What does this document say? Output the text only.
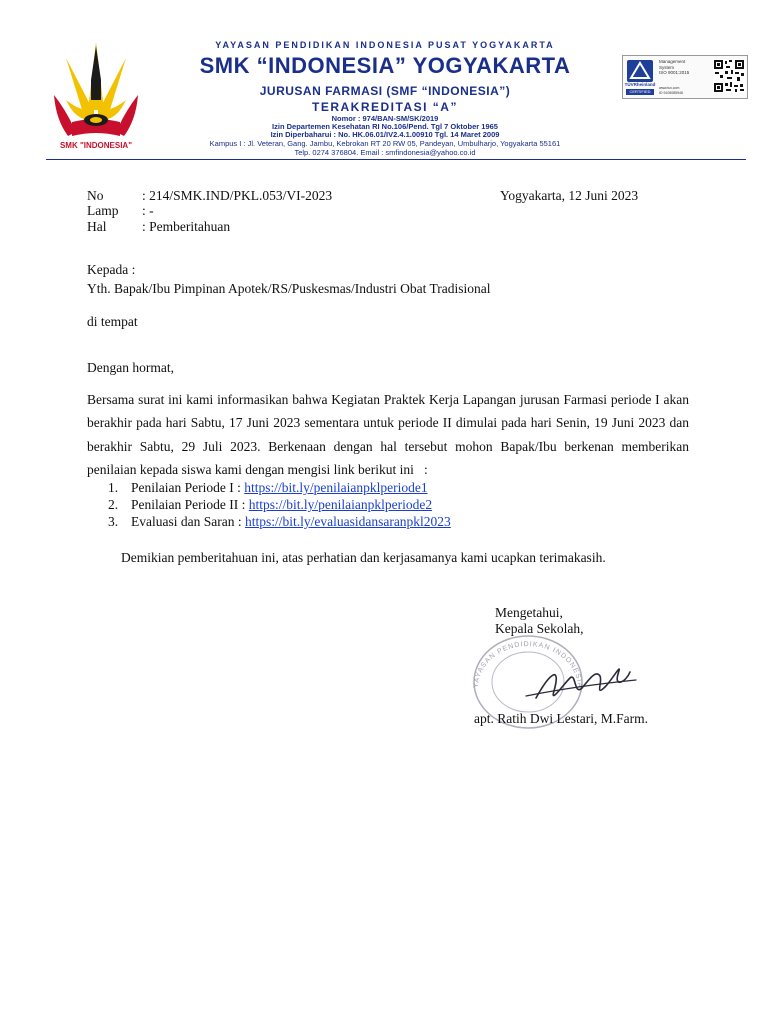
SMK "INDONESIA"
YAYASAN PENDIDIKAN INDONESIA PUSAT YOGYAKARTA
SMK “INDONESIA” YOGYAKARTA
JURUSAN FARMASI (SMF “INDONESIA”)
TERAKREDITASI “A”
Nomor : 974/BAN-SM/SK/2019
Izin Departemen Kesehatan RI No.106/Pend. Tgl 7 Oktober 1965
Izin Diperbaharui : No. HK.06.01/IV2.4.1.00910 Tgl. 14 Maret 2009
Kampus I : Jl. Veteran, Gang. Jambu, Kebrokan RT 20 RW 05, Pandeyan, Umbulharjo, Yogyakarta 55161
Telp. 0274 376804. Email : smfindonesia@yahoo.co.id
TÜVRheinland
CERTIFIED
Management
System
ISO 9001:2015
www.tuv.com
ID 9105085946
No	: 214/SMK.IND/PKL.053/VI-2023	Yogyakarta, 12 Juni 2023
Lamp : -
Hal	: Pemberitahuan
Kepada :
Yth. Bapak/Ibu Pimpinan Apotek/RS/Puskesmas/Industri Obat Tradisional
di tempat
Dengan hormat,
Bersama surat ini kami informasikan bahwa Kegiatan Praktek Kerja Lapangan jurusan Farmasi periode I akan berakhir pada hari Sabtu, 17 Juni 2023 sementara untuk periode II dimulai pada hari Senin, 19 Juni 2023 dan berakhir Sabtu, 29 Juli 2023. Berkenaan dengan hal tersebut mohon Bapak/Ibu berkenan memberikan penilaian kepada siswa kami dengan mengisi link berikut ini   :
1. Penilaian Periode I : https://bit.ly/penilaianpklperiode1
2. Penilaian Periode II : https://bit.ly/penilaianpklperiode2
3. Evaluasi dan Saran : https://bit.ly/evaluasidansaranpkl2023
Demikian pemberitahuan ini, atas perhatian dan kerjasamanya kami ucapkan terimakasih.
Mengetahui,
Kepala Sekolah,
YAYASAN PENDIDIKAN INDONESIA
apt. Ratih Dwi Lestari, M.Farm.
